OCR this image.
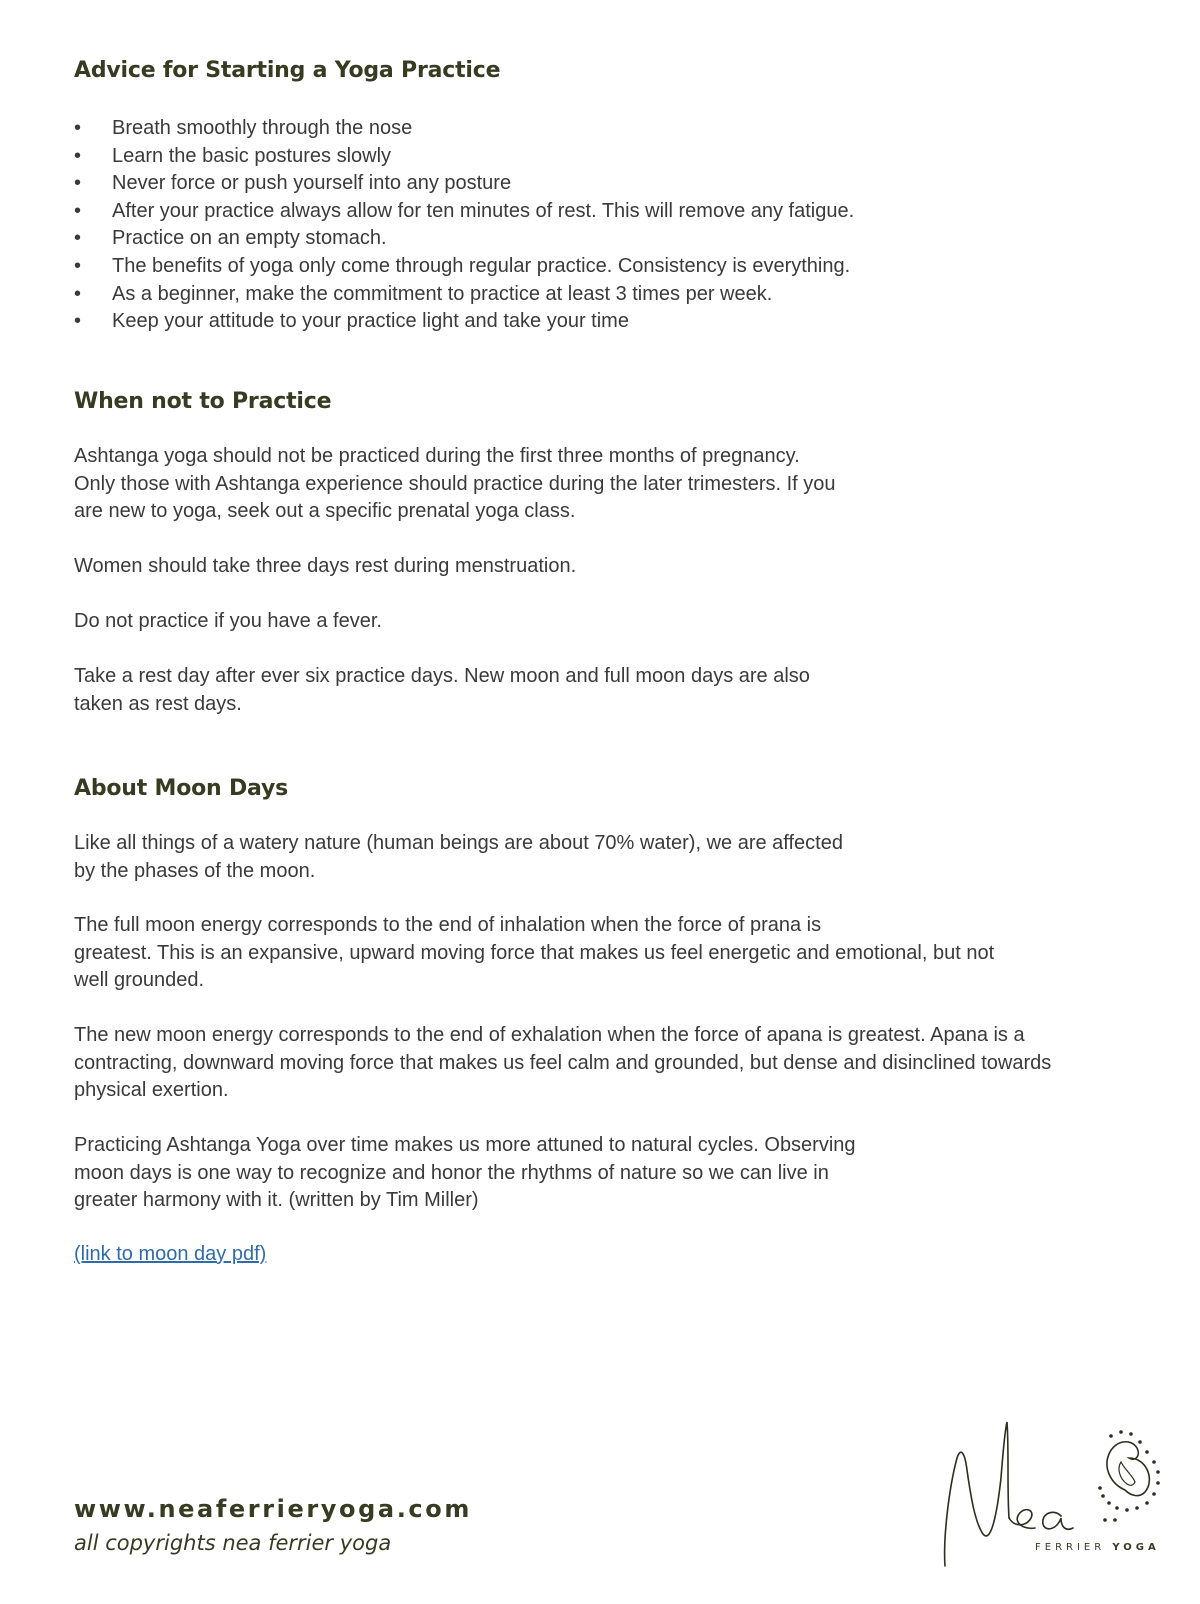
Advice for Starting a Yoga Practice
• Breath smoothly through the nose
• Learn the basic postures slowly
• Never force or push yourself into any posture
• After your practice always allow for ten minutes of rest. This will remove any fatigue.
• Practice on an empty stomach.
• The benefits of yoga only come through regular practice. Consistency is everything.
• As a beginner, make the commitment to practice at least 3 times per week.
• Keep your attitude to your practice light and take your time
When not to Practice

Ashtanga yoga should not be practiced during the first three months of pregnancy.

Only those with Ashtanga experience should practice during the later trimesters. If you

are new to yoga, seek out a specific prenatal yoga class.

Women should take three days rest during menstruation.

Do not practice if you have a fever.

Take a rest day after ever six practice days. New moon and full moon days are also

taken as rest days.

About Moon Days

Like all things of a watery nature (human beings are about 70% water), we are affected

by the phases of the moon.

The full moon energy corresponds to the end of inhalation when the force of prana is

greatest. This is an expansive, upward moving force that makes us feel energetic and emotional, but not

well grounded.

The new moon energy corresponds to the end of exhalation when the force of apana is greatest. Apana is a

contracting, downward moving force that makes us feel calm and grounded, but dense and disinclined towards

physical exertion.

Practicing Ashtanga Yoga over time makes us more attuned to natural cycles. Observing

moon days is one way to recognize and honor the rhythms of nature so we can live in

greater harmony with it. (written by Tim Miller)

(link to moon day pdf)
www.neaferrieryoga.com
all copyrights nea ferrier yoga	FERRIER YOGA
